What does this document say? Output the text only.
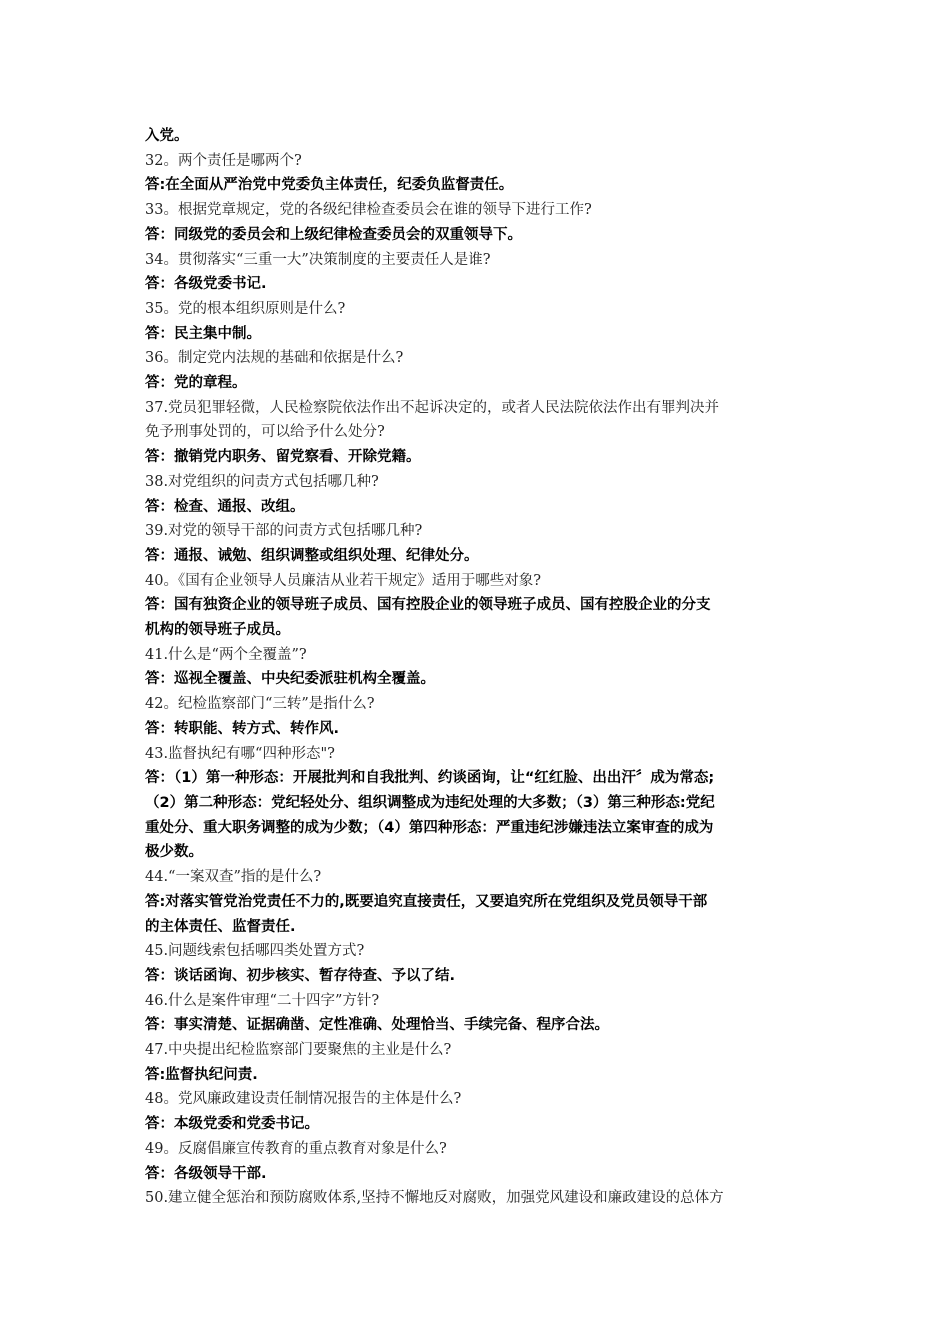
入党。
32。两个责任是哪两个?
答:在全面从严治党中党委负主体责任，纪委负监督责任。
33。根据党章规定，党的各级纪律检查委员会在谁的领导下进行工作?
答：同级党的委员会和上级纪律检查委员会的双重领导下。
34。贯彻落实“三重一大”决策制度的主要责任人是谁?
答：各级党委书记.
35。党的根本组织原则是什么?
答：民主集中制。
36。制定党内法规的基础和依据是什么?
答：党的章程。
37.党员犯罪轻微，人民检察院依法作出不起诉决定的，或者人民法院依法作出有罪判决并
免予刑事处罚的，可以给予什么处分?
答：撤销党内职务、留党察看、开除党籍。
38.对党组织的问责方式包括哪几种?
答：检查、通报、改组。
39.对党的领导干部的问责方式包括哪几种?
答：通报、诫勉、组织调整或组织处理、纪律处分。
40。《国有企业领导人员廉洁从业若干规定》适用于哪些对象?
答：国有独资企业的领导班子成员、国有控股企业的领导班子成员、国有控股企业的分支
机构的领导班子成员。
41.什么是“两个全覆盖”?
答：巡视全覆盖、中央纪委派驻机构全覆盖。
42。纪检监察部门“三转”是指什么?
答：转职能、转方式、转作风.
43.监督执纪有哪“四种形态"?
答：（1）第一种形态：开展批判和自我批判、约谈函询，让“红红脸、出出汗〞成为常态;
（2）第二种形态：党纪轻处分、组织调整成为违纪处理的大多数；（3）第三种形态:党纪
重处分、重大职务调整的成为少数；（4）第四种形态：严重违纪涉嫌违法立案审查的成为
极少数。
44.“一案双查”指的是什么?
答:对落实管党治党责任不力的,既要追究直接责任，又要追究所在党组织及党员领导干部
的主体责任、监督责任.
45.问题线索包括哪四类处置方式?
答：谈话函询、初步核实、暂存待查、予以了结.
46.什么是案件审理“二十四字”方针?
答：事实清楚、证据确凿、定性准确、处理恰当、手续完备、程序合法。
47.中央提出纪检监察部门要聚焦的主业是什么?
答:监督执纪问责.
48。党风廉政建设责任制情况报告的主体是什么?
答：本级党委和党委书记。
49。反腐倡廉宣传教育的重点教育对象是什么?
答：各级领导干部.
50.建立健全惩治和预防腐败体系,坚持不懈地反对腐败，加强党风建设和廉政建设的总体方
